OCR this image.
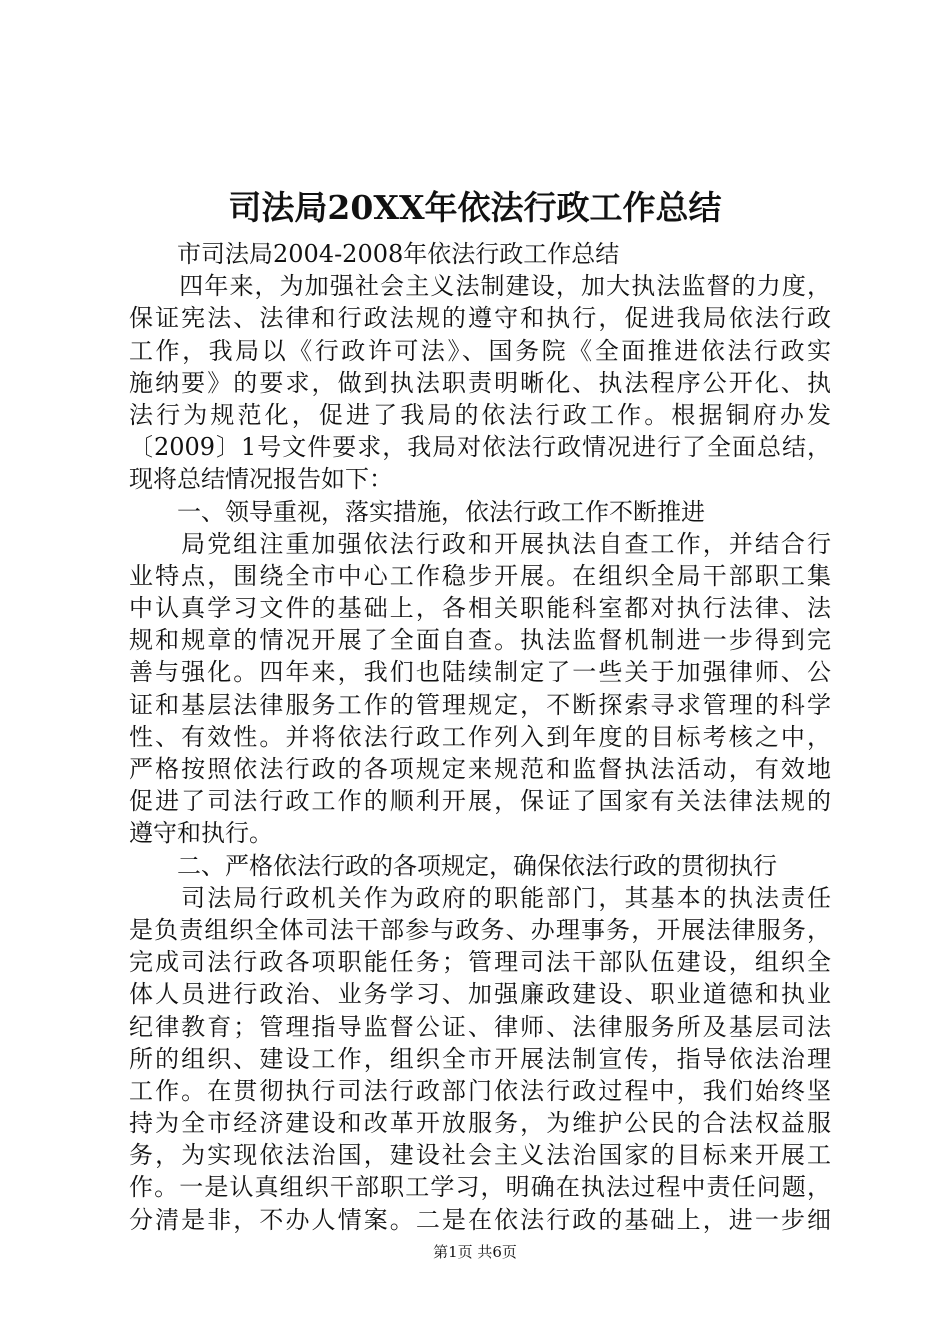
司法局20XX年依法行政工作总结
　　市司法局2004-2008年依法行政工作总结
　　四年来，为加强社会主义法制建设，加大执法监督的力度，
保证宪法、法律和行政法规的遵守和执行，促进我局依法行政
工作，我局以《行政许可法》、国务院《全面推进依法行政实
施纳要》的要求，做到执法职责明晰化、执法程序公开化、执
法行为规范化，促进了我局的依法行政工作。根据铜府办发
〔2009〕1号文件要求，我局对依法行政情况进行了全面总结，
现将总结情况报告如下：
　　一、领导重视，落实措施，依法行政工作不断推进
　　局党组注重加强依法行政和开展执法自查工作，并结合行
业特点，围绕全市中心工作稳步开展。在组织全局干部职工集
中认真学习文件的基础上，各相关职能科室都对执行法律、法
规和规章的情况开展了全面自查。执法监督机制进一步得到完
善与强化。四年来，我们也陆续制定了一些关于加强律师、公
证和基层法律服务工作的管理规定，不断探索寻求管理的科学
性、有效性。并将依法行政工作列入到年度的目标考核之中，
严格按照依法行政的各项规定来规范和监督执法活动，有效地
促进了司法行政工作的顺利开展，保证了国家有关法律法规的
遵守和执行。
　　二、严格依法行政的各项规定，确保依法行政的贯彻执行
　　司法局行政机关作为政府的职能部门，其基本的执法责任
是负责组织全体司法干部参与政务、办理事务，开展法律服务，
完成司法行政各项职能任务；管理司法干部队伍建设，组织全
体人员进行政治、业务学习、加强廉政建设、职业道德和执业
纪律教育；管理指导监督公证、律师、法律服务所及基层司法
所的组织、建设工作，组织全市开展法制宣传，指导依法治理
工作。在贯彻执行司法行政部门依法行政过程中，我们始终坚
持为全市经济建设和改革开放服务，为维护公民的合法权益服
务，为实现依法治国，建设社会主义法治国家的目标来开展工
作。一是认真组织干部职工学习，明确在执法过程中责任问题，
分清是非，不办人情案。二是在依法行政的基础上，进一步细
第1页 共6页
